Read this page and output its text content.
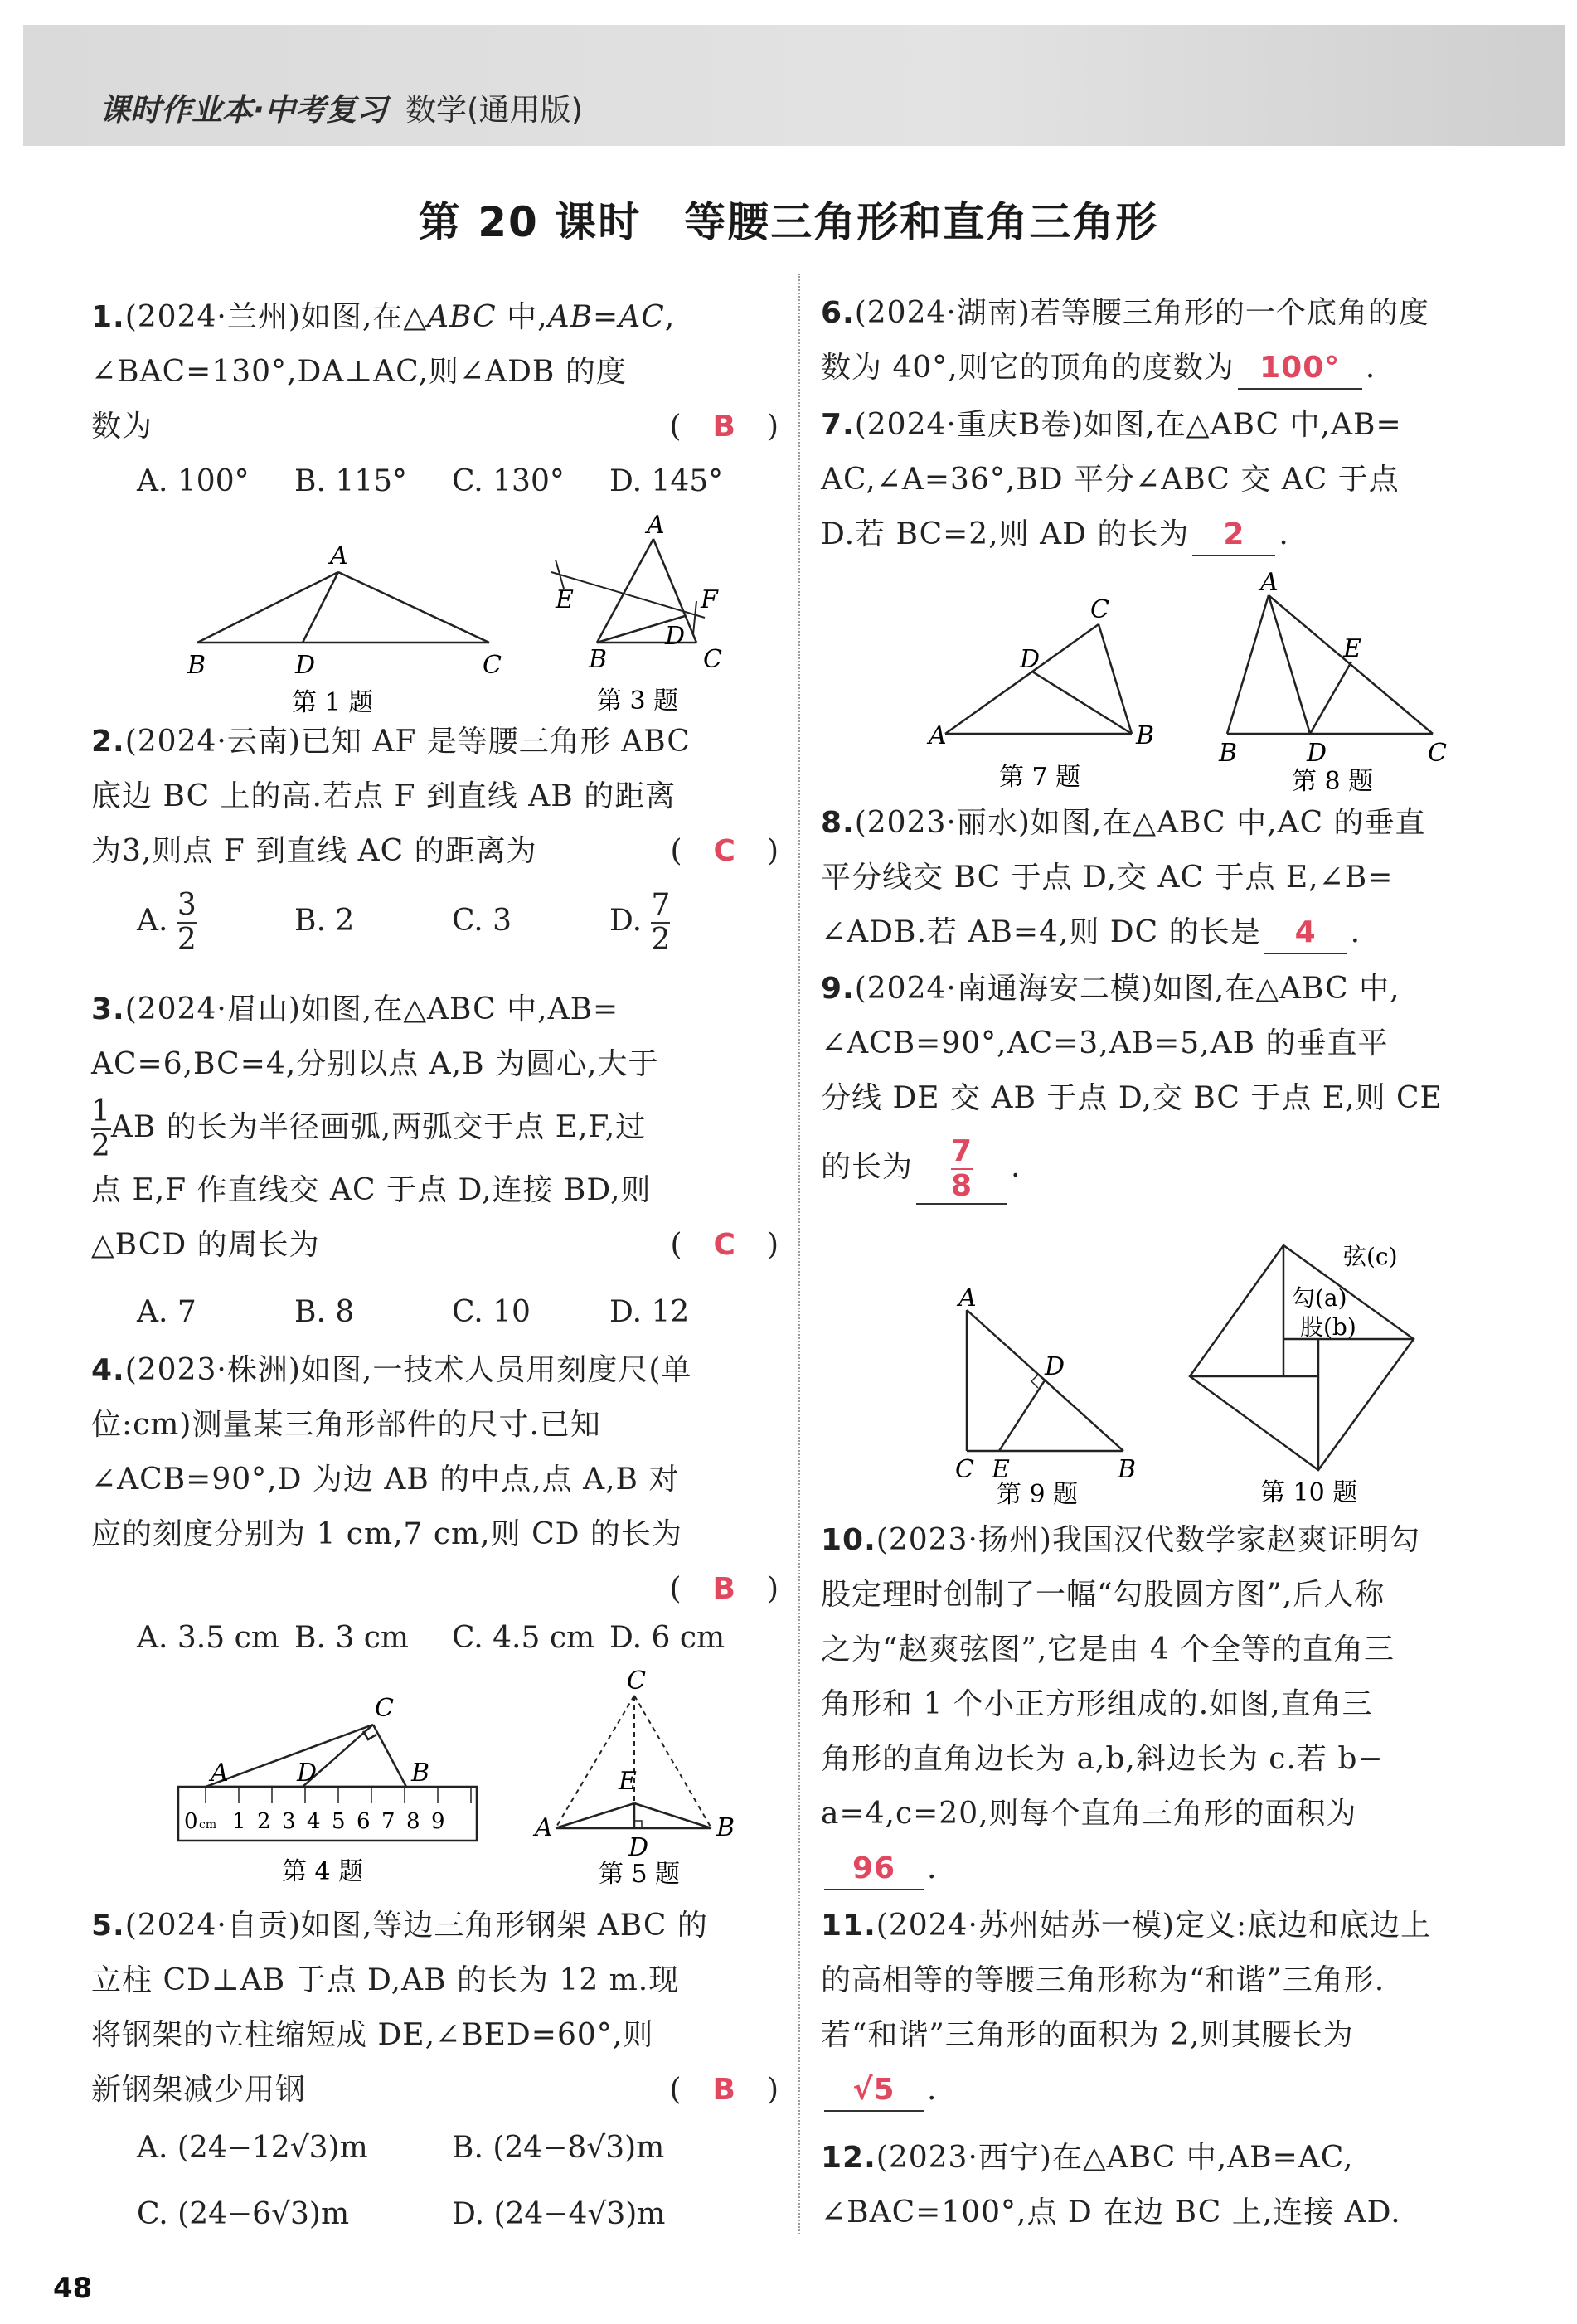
课时作业本·中考复习 数学(通用版)
第 20 课时　等腰三角形和直角三角形
1.(2024·兰州)如图,在△ABC 中,AB=AC,
∠BAC=130°,DA⊥AC,则∠ADB 的度
数为	(　B　)
A. 100° B. 115° C. 130° D. 145°
A
B	D	C
第 1 题
A
E	F
D
B	C
第 3 题
2.(2024·云南)已知 AF 是等腰三角形 ABC
底边 BC 上的高.若点 F 到直线 AB 的距离
为3,则点 F 到直线 AC 的距离为	(　C　)
A. $\frac{3}{2}$	B. 2	C. 3	D. $\frac{7}{2}$
3.(2024·眉山)如图,在△ABC 中,AB=
AC=6,BC=4,分别以点 A,B 为圆心,大于
$\frac{1}{2}$ AB 的长为半径画弧,两弧交于点 E,F,过
点 E,F 作直线交 AC 于点 D,连接 BD,则
△BCD 的周长为	(　C　)
A. 7	B. 8	C. 10	D. 12
4.(2023·株洲)如图,一技术人员用刻度尺(单
位:cm)测量某三角形部件的尺寸.已知
∠ACB=90°,D 为边 AB 的中点,点 A,B 对
应的刻度分别为 1 cm,7 cm,则 CD 的长为
(　B　)
A. 3.5 cm B. 3 cm C. 4.5 cm D. 6 cm
C
A	D	B
0 cm 1 2 3 4 5 6 7 8 9
第 4 题
C
E
A	B
D
第 5 题
5.(2024·自贡)如图,等边三角形钢架 ABC 的
立柱 CD⊥AB 于点 D,AB 的长为 12 m.现
将钢架的立柱缩短成 DE,∠BED=60°,则
新钢架减少用钢	(　B　)
A. (24−12√3)m	B. (24−8√3)m
C. (24−6√3)m	D. (24−4√3)m
6.(2024·湖南)若等腰三角形的一个底角的度
数为 40°,则它的顶角的度数为 100° .
7.(2024·重庆B卷)如图,在△ABC 中,AB=
AC,∠A=36°,BD 平分∠ABC 交 AC 于点
D.若 BC=2,则 AD 的长为 2 .
C
D
A	B
第 7 题
A
E
B	D	C
第 8 题
8.(2023·丽水)如图,在△ABC 中,AC 的垂直
平分线交 BC 于点 D,交 AC 于点 E,∠B=
∠ADB.若 AB=4,则 DC 的长是 4 .
9.(2024·南通海安二模)如图,在△ABC 中,
∠ACB=90°,AC=3,AB=5,AB 的垂直平
分线 DE 交 AB 于点 D,交 BC 于点 E,则 CE
的长为 $\frac{7}{8}$ .
A
D
C E	B
第 9 题
弦(c)
勾(a)
股(b)
第 10 题
10.(2023·扬州)我国汉代数学家赵爽证明勾
股定理时创制了一幅“勾股圆方图”,后人称
之为“赵爽弦图”,它是由 4 个全等的直角三
角形和 1 个小正方形组成的.如图,直角三
角形的直角边长为 a,b,斜边长为 c.若 b−
a=4,c=20,则每个直角三角形的面积为
96 .
11.(2024·苏州姑苏一模)定义:底边和底边上
的高相等的等腰三角形称为“和谐”三角形.
若“和谐”三角形的面积为 2,则其腰长为
√5 .
12.(2023·西宁)在△ABC 中,AB=AC,
∠BAC=100°,点 D 在边 BC 上,连接 AD.
48
